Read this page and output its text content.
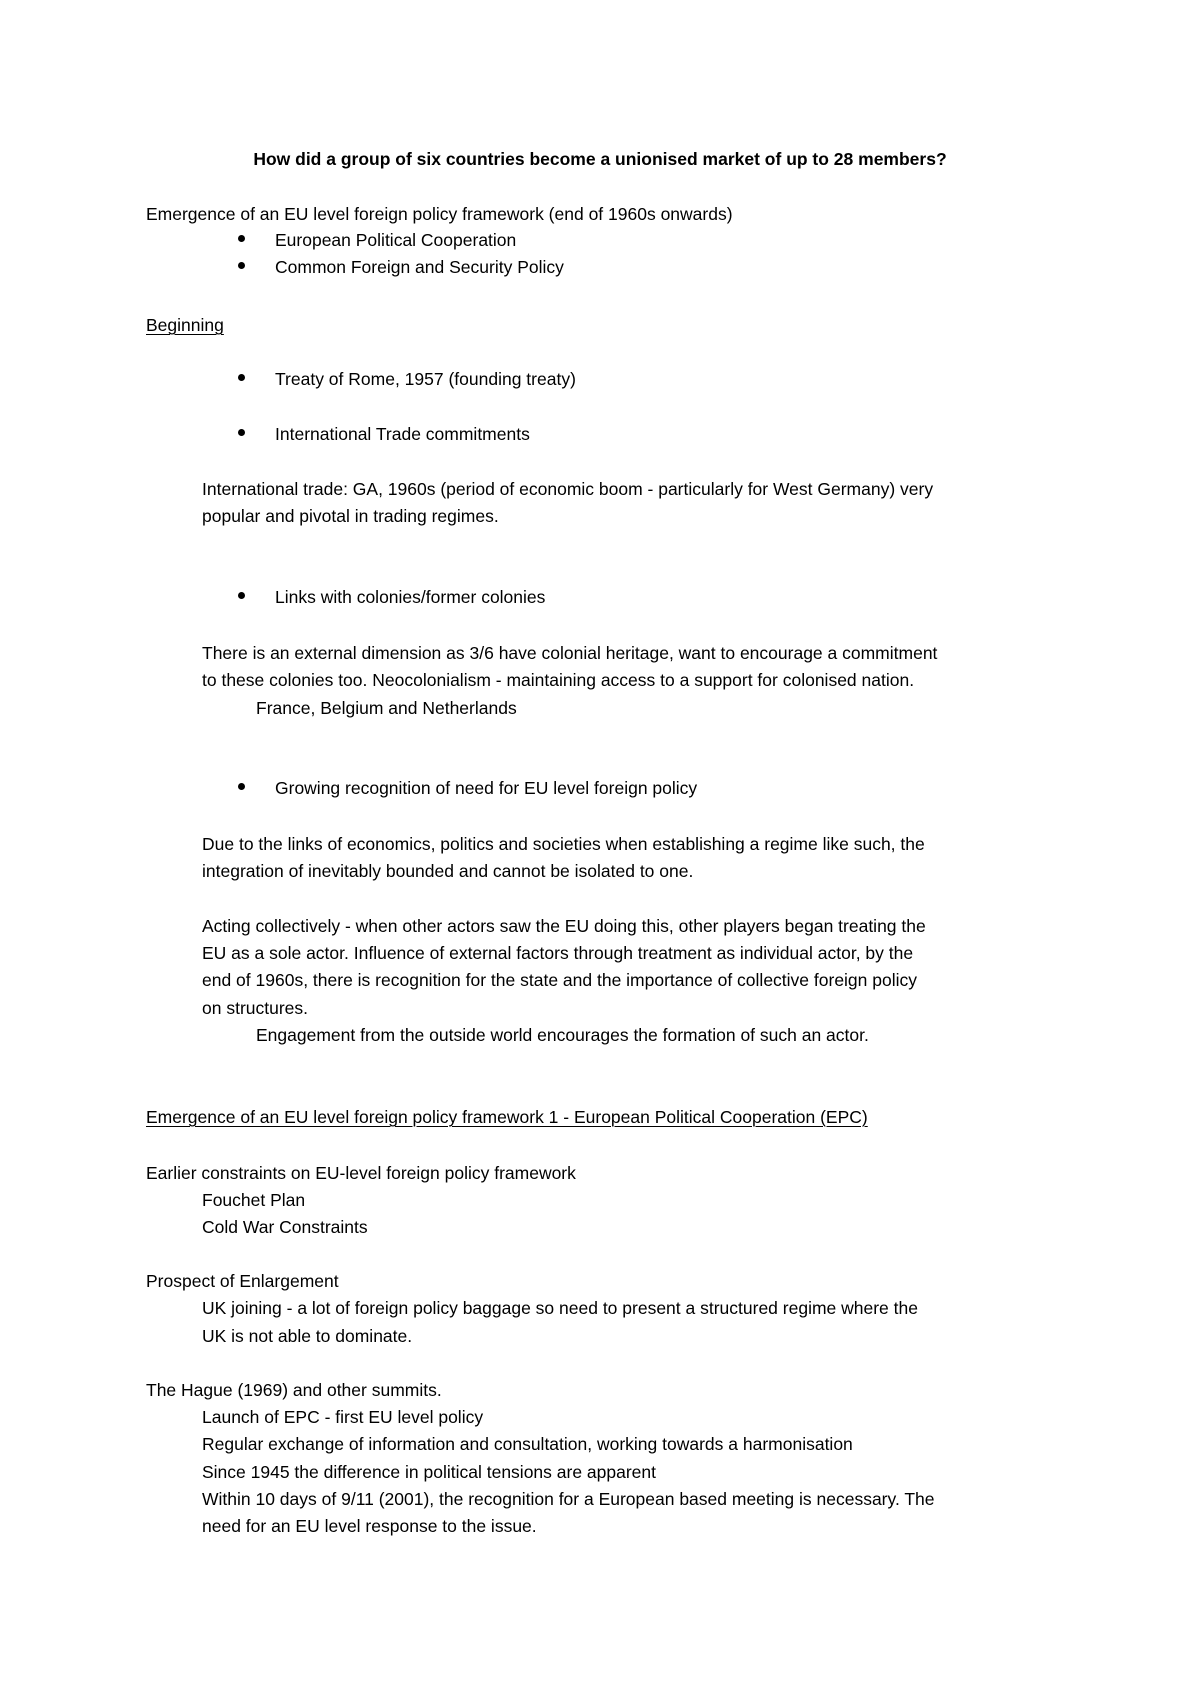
How did a group of six countries become a unionised market of up to 28 members?
Emergence of an EU level foreign policy framework (end of 1960s onwards)
European Political Cooperation
Common Foreign and Security Policy
Beginning
Treaty of Rome, 1957 (founding treaty)
International Trade commitments
International trade: GA, 1960s (period of economic boom - particularly for West Germany) very
popular and pivotal in trading regimes.
Links with colonies/former colonies
There is an external dimension as 3/6 have colonial heritage, want to encourage a commitment
to these colonies too. Neocolonialism - maintaining access to a support for colonised nation.
France, Belgium and Netherlands
Growing recognition of need for EU level foreign policy
Due to the links of economics, politics and societies when establishing a regime like such, the
integration of inevitably bounded and cannot be isolated to one.
Acting collectively - when other actors saw the EU doing this, other players began treating the
EU as a sole actor. Influence of external factors through treatment as individual actor, by the
end of 1960s, there is recognition for the state and the importance of collective foreign policy
on structures.
Engagement from the outside world encourages the formation of such an actor.
Emergence of an EU level foreign policy framework 1 - European Political Cooperation (EPC)
Earlier constraints on EU-level foreign policy framework
Fouchet Plan
Cold War Constraints
Prospect of Enlargement
UK joining - a lot of foreign policy baggage so need to present a structured regime where the
UK is not able to dominate.
The Hague (1969) and other summits.
Launch of EPC - first EU level policy
Regular exchange of information and consultation, working towards a harmonisation
Since 1945 the difference in political tensions are apparent
Within 10 days of 9/11 (2001), the recognition for a European based meeting is necessary. The
need for an EU level response to the issue.
